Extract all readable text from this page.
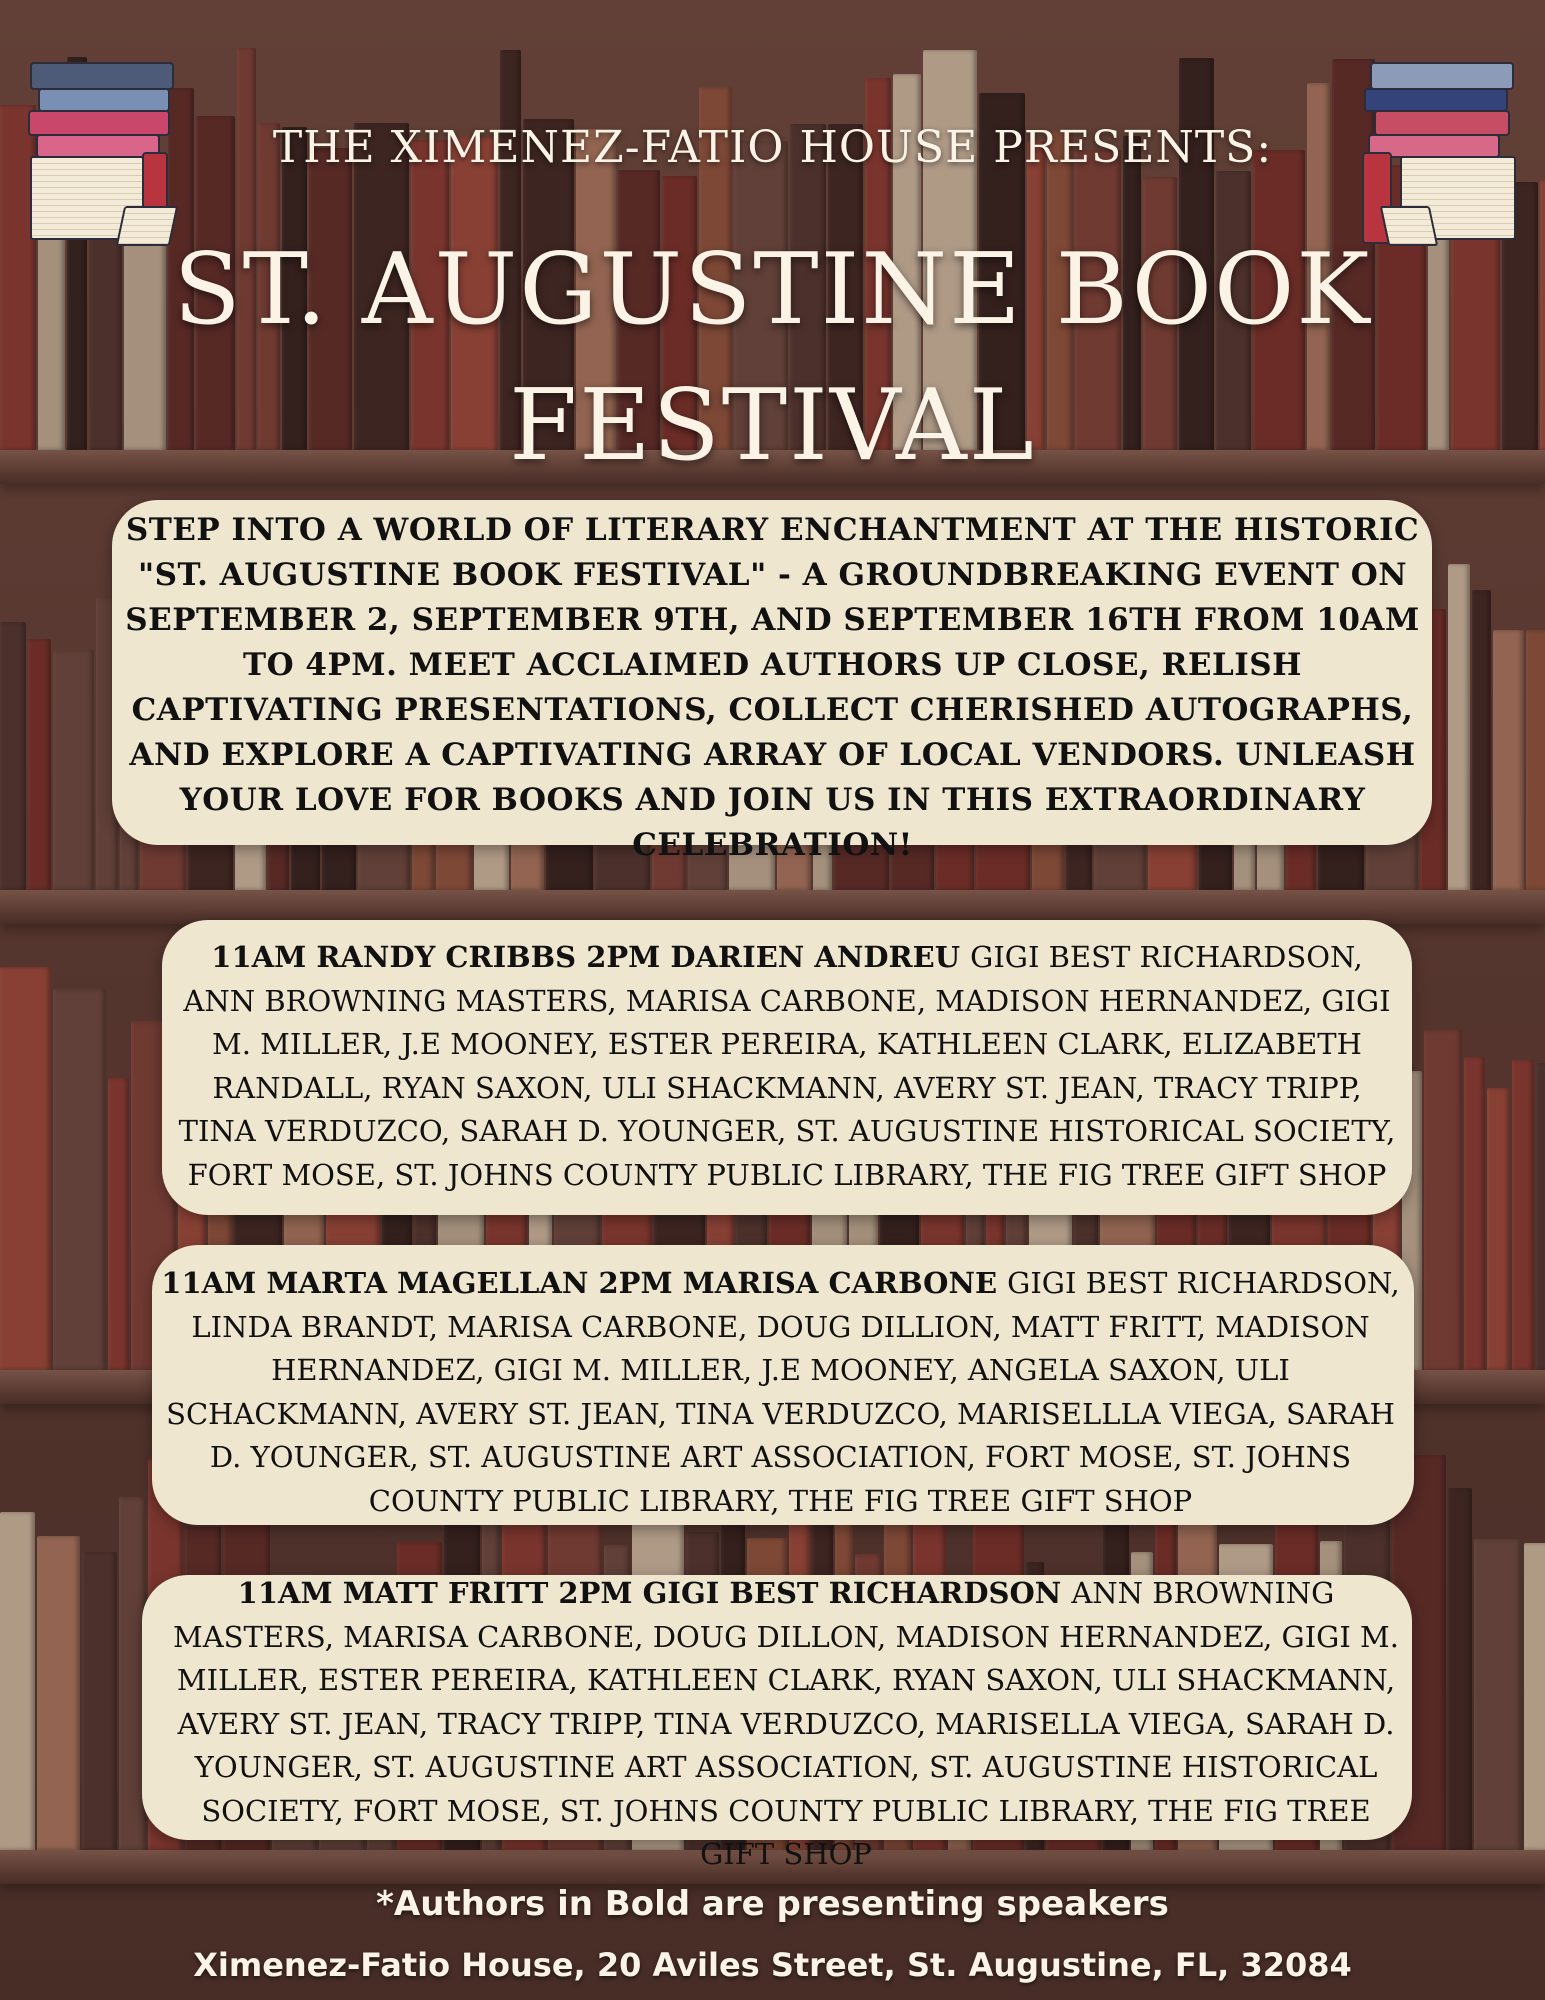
THE XIMENEZ-FATIO HOUSE PRESENTS:
ST. AUGUSTINE BOOK
FESTIVAL
STEP INTO A WORLD OF LITERARY ENCHANTMENT AT THE HISTORIC "ST. AUGUSTINE BOOK FESTIVAL" - A GROUNDBREAKING EVENT ON SEPTEMBER 2, SEPTEMBER 9TH, AND SEPTEMBER 16TH FROM 10AM TO 4PM. MEET ACCLAIMED AUTHORS UP CLOSE, RELISH CAPTIVATING PRESENTATIONS, COLLECT CHERISHED AUTOGRAPHS, AND EXPLORE A CAPTIVATING ARRAY OF LOCAL VENDORS. UNLEASH YOUR LOVE FOR BOOKS AND JOIN US IN THIS EXTRAORDINARY CELEBRATION!
11AM RANDY CRIBBS 2PM DARIEN ANDREU GIGI BEST RICHARDSON, ANN BROWNING MASTERS, MARISA CARBONE, MADISON HERNANDEZ, GIGI M. MILLER, J.E MOONEY, ESTER PEREIRA, KATHLEEN CLARK, ELIZABETH RANDALL, RYAN SAXON, ULI SHACKMANN, AVERY ST. JEAN, TRACY TRIPP, TINA VERDUZCO, SARAH D. YOUNGER, ST. AUGUSTINE HISTORICAL SOCIETY, FORT MOSE, ST. JOHNS COUNTY PUBLIC LIBRARY, THE FIG TREE GIFT SHOP
11AM MARTA MAGELLAN 2PM MARISA CARBONE GIGI BEST RICHARDSON, LINDA BRANDT, MARISA CARBONE, DOUG DILLION, MATT FRITT, MADISON HERNANDEZ, GIGI M. MILLER, J.E MOONEY, ANGELA SAXON, ULI SCHACKMANN, AVERY ST. JEAN, TINA VERDUZCO, MARISELLLA VIEGA, SARAH D. YOUNGER, ST. AUGUSTINE ART ASSOCIATION, FORT MOSE, ST. JOHNS COUNTY PUBLIC LIBRARY, THE FIG TREE GIFT SHOP
11AM MATT FRITT 2PM GIGI BEST RICHARDSON ANN BROWNING MASTERS, MARISA CARBONE, DOUG DILLON, MADISON HERNANDEZ, GIGI M. MILLER, ESTER PEREIRA, KATHLEEN CLARK, RYAN SAXON, ULI SHACKMANN, AVERY ST. JEAN, TRACY TRIPP, TINA VERDUZCO, MARISELLA VIEGA, SARAH D. YOUNGER, ST. AUGUSTINE ART ASSOCIATION, ST. AUGUSTINE HISTORICAL SOCIETY, FORT MOSE, ST. JOHNS COUNTY PUBLIC LIBRARY, THE FIG TREE GIFT SHOP
*Authors in Bold are presenting speakers
Ximenez-Fatio House, 20 Aviles Street, St. Augustine, FL, 32084
